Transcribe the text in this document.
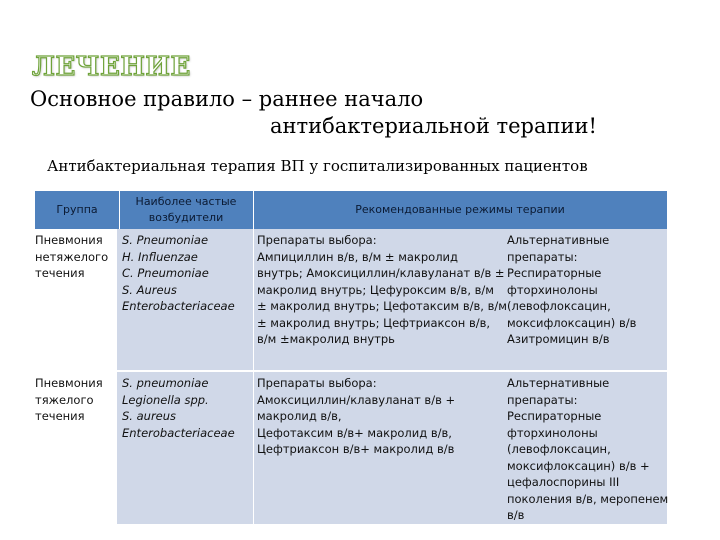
ЛЕЧЕНИЕ
Основное правило – раннее начало
антибактериальной терапии!
Антибактериальная терапия ВП у госпитализированных пациентов
Группа
Наиболее частые
возбудители
Рекомендованные режимы терапии
Пневмония
нетяжелого
течения
S. Pneumoniae
H. Influenzae
C. Pneumoniae
S. Aureus
Enterobacteriaceae
Препараты выбора:
Ампициллин в/в, в/м ± макролид
внутрь; Амоксициллин/клавуланат в/в ±
макролид внутрь; Цефуроксим в/в, в/м
± макролид внутрь; Цефотаксим в/в, в/м
± макролид внутрь; Цефтриаксон в/в,
в/м ±макролид внутрь
Альтернативные
препараты:
Респираторные
фторхинолоны
(левофлоксацин,
моксифлоксацин) в/в
Азитромицин в/в
Пневмония
тяжелого
течения
S. pneumoniae
Legionella spp.
S. aureus
Enterobacteriaceae
Препараты выбора:
Амоксициллин/клавуланат в/в +
макролид в/в,
Цефотаксим в/в+ макролид в/в,
Цефтриаксон в/в+ макролид в/в
Альтернативные
препараты:
Респираторные
фторхинолоны
(левофлоксацин,
моксифлоксацин) в/в +
цефалоспорины III
поколения в/в, меропенем
в/в
